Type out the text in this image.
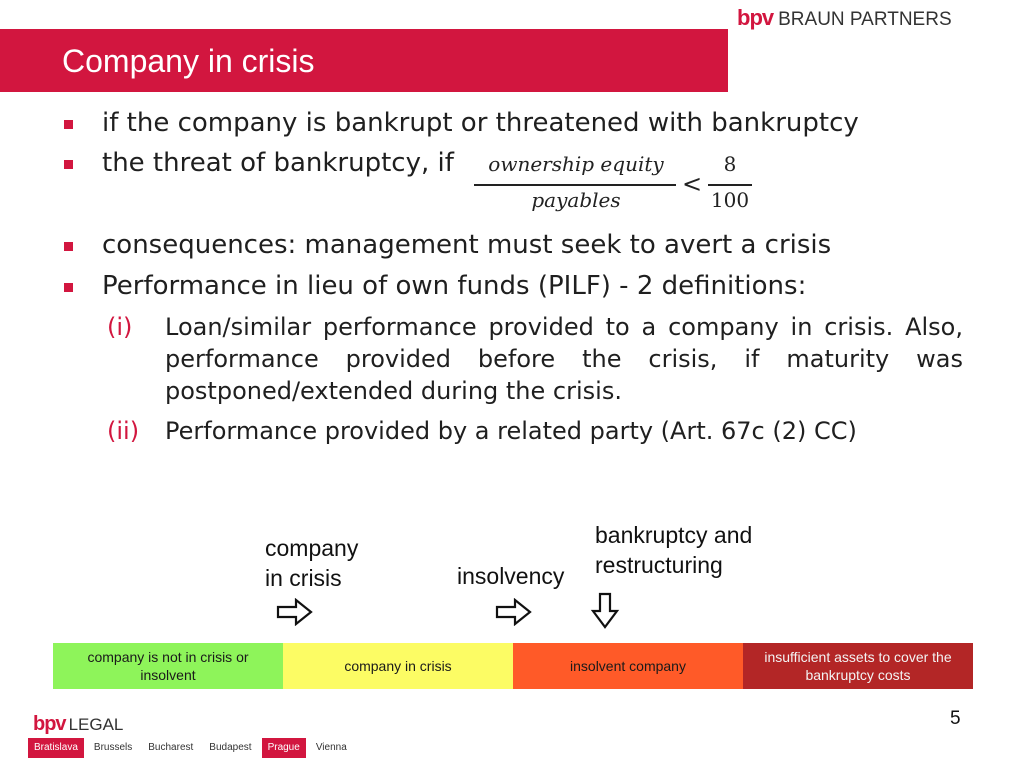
bpv BRAUN PARTNERS
Company in crisis
if the company is bankrupt or threatened with bankruptcy
the threat of bankruptcy, if	ownership equity
payables
<
8
100
consequences: management must seek to avert a crisis
Performance in lieu of own funds (PILF) - 2 definitions:
(i) Loan/similar performance provided to a company in crisis. Also, performance provided before the crisis, if maturity was postponed/extended during the crisis.
(ii) Performance provided by a related party (Art. 67c (2) CC)
company
in crisis	insolvency
bankruptcy and
restructuring
company is not in crisis or
insolvent
company in crisis	insolvent company
insufficient assets to cover the
bankruptcy costs
bpv LEGAL	5
Bratislava	Brussels	Bucharest	Budapest	Prague	Vienna
